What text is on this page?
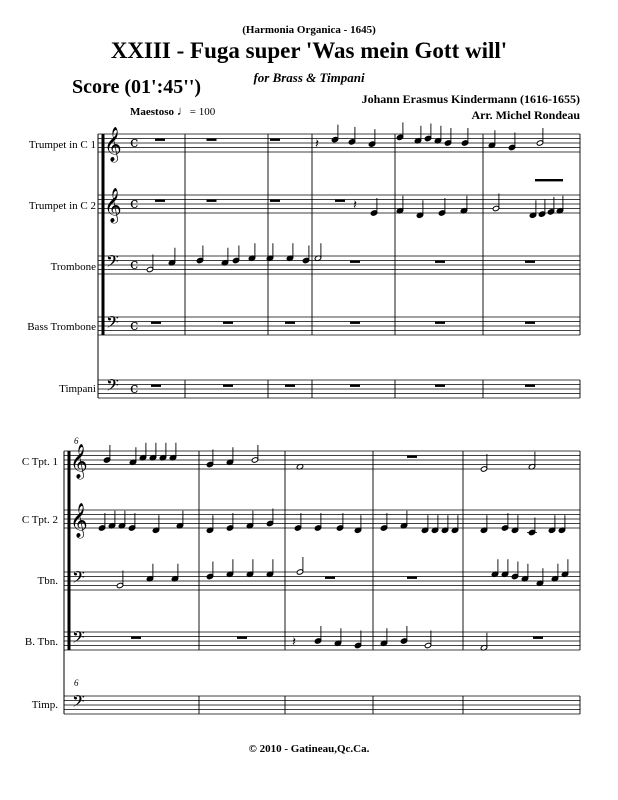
(Harmonia Organica - 1645)
XXIII - Fuga super 'Was mein Gott will'
for Brass & Timpani
Score (01':45'')
Johann Erasmus Kindermann (1616-1655)
Arr. Michel Rondeau
Maestoso ♩= 100
Trumpet in C 1
Trumpet in C 2
Trombone
Bass Trombone
Timpani
C Tpt. 1
C Tpt. 2
Tbn.
B. Tbn.
Timp.
6
6
𝄞 c
𝄞 c
𝄢 c
𝄢 c
𝄢 c
𝄽
𝄽
𝄞
𝄞
𝄢
𝄢
𝄢
𝄽
© 2010 - Gatineau,Qc.Ca.
